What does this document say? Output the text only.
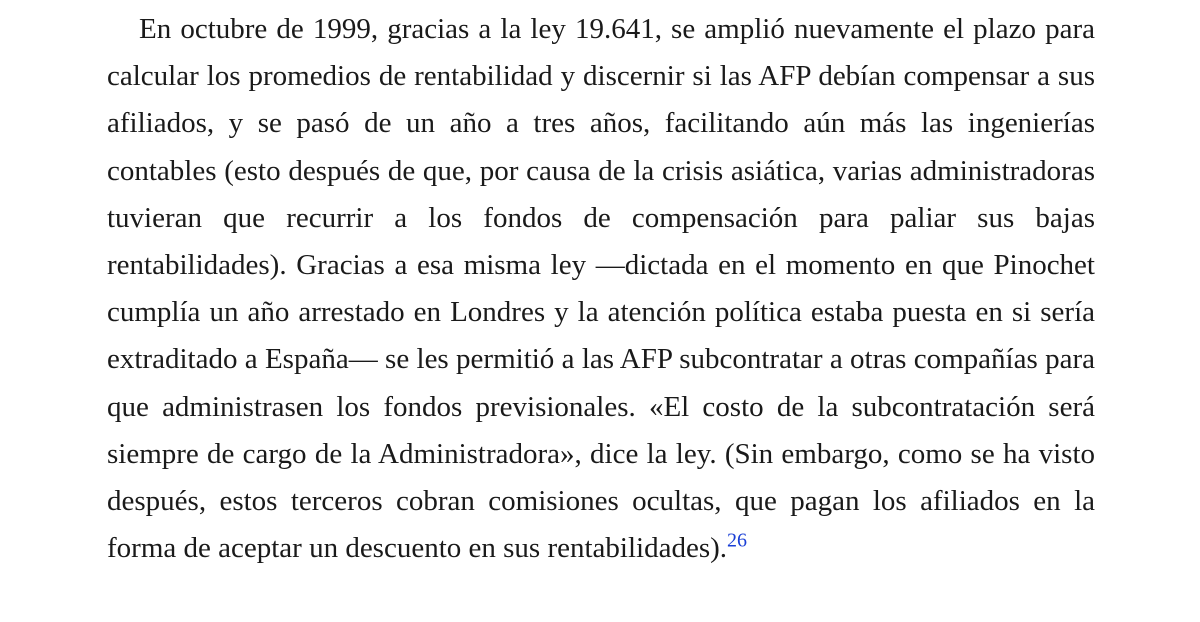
En octubre de 1999, gracias a la ley 19.641, se amplió nuevamente el plazo para calcular los promedios de rentabilidad y discernir si las AFP debían compensar a sus afiliados, y se pasó de un año a tres años, facilitando aún más las ingenierías contables (esto después de que, por causa de la crisis asiática, varias administradoras tuvieran que recurrir a los fondos de compensación para paliar sus bajas rentabilidades). Gracias a esa misma ley —dictada en el momento en que Pinochet cumplía un año arrestado en Londres y la atención política estaba puesta en si sería extraditado a España— se les permitió a las AFP subcontratar a otras compañías para que administrasen los fondos previsionales. «El costo de la subcontratación será siempre de cargo de la Administradora», dice la ley. (Sin embargo, como se ha visto después, estos terceros cobran comisiones ocultas, que pagan los afiliados en la forma de aceptar un descuento en sus rentabilidades).$^{26}$
